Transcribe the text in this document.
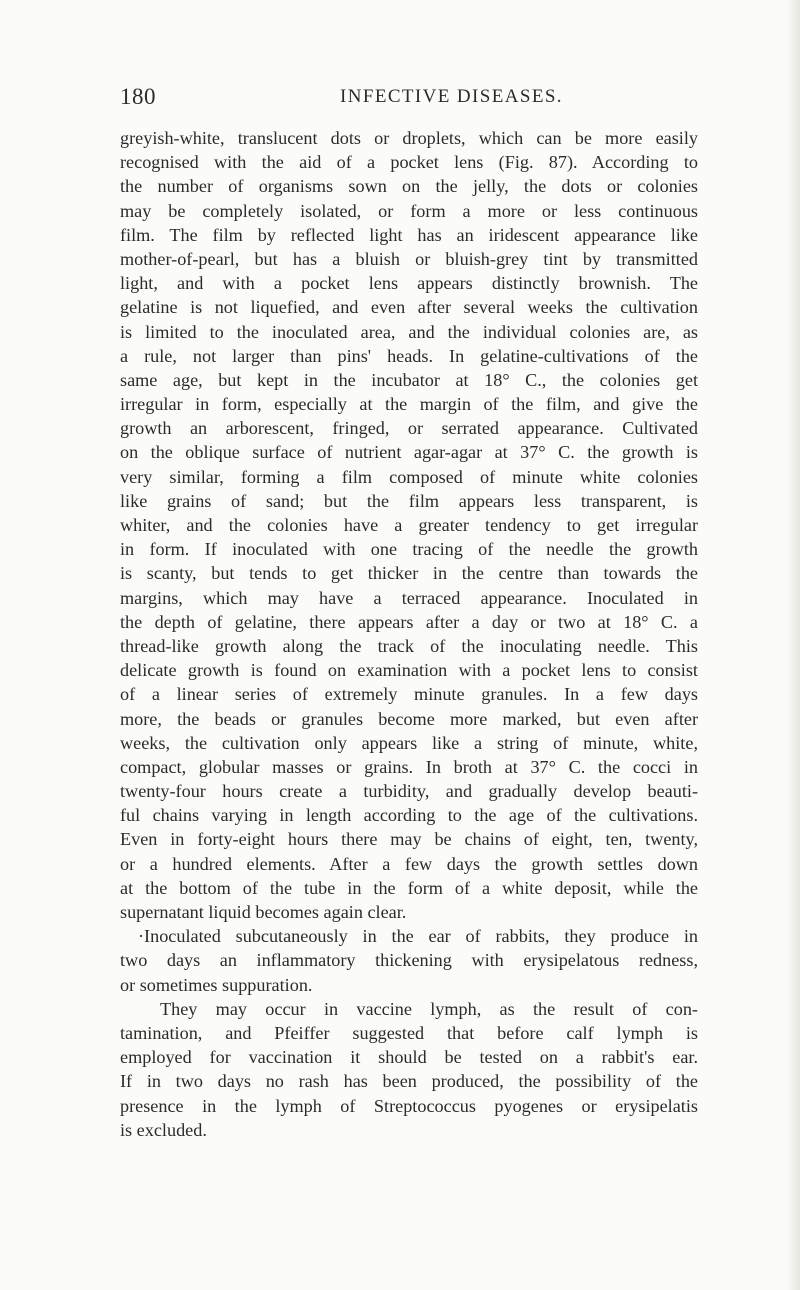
180	INFECTIVE DISEASES.
greyish-white, translucent dots or droplets, which can be more easily
recognised with the aid of a pocket lens (Fig. 87). According to
the number of organisms sown on the jelly, the dots or colonies
may be completely isolated, or form a more or less continuous
film. The film by reflected light has an iridescent appearance like
mother-of-pearl, but has a bluish or bluish-grey tint by transmitted
light, and with a pocket lens appears distinctly brownish. The
gelatine is not liquefied, and even after several weeks the cultivation
is limited to the inoculated area, and the individual colonies are, as
a rule, not larger than pins' heads. In gelatine-cultivations of the
same age, but kept in the incubator at 18° C., the colonies get
irregular in form, especially at the margin of the film, and give the
growth an arborescent, fringed, or serrated appearance. Cultivated
on the oblique surface of nutrient agar-agar at 37° C. the growth is
very similar, forming a film composed of minute white colonies
like grains of sand; but the film appears less transparent, is
whiter, and the colonies have a greater tendency to get irregular
in form. If inoculated with one tracing of the needle the growth
is scanty, but tends to get thicker in the centre than towards the
margins, which may have a terraced appearance. Inoculated in
the depth of gelatine, there appears after a day or two at 18° C. a
thread-like growth along the track of the inoculating needle. This
delicate growth is found on examination with a pocket lens to consist
of a linear series of extremely minute granules. In a few days
more, the beads or granules become more marked, but even after
weeks, the cultivation only appears like a string of minute, white,
compact, globular masses or grains. In broth at 37° C. the cocci in
twenty-four hours create a turbidity, and gradually develop beauti-
ful chains varying in length according to the age of the cultivations.
Even in forty-eight hours there may be chains of eight, ten, twenty,
or a hundred elements. After a few days the growth settles down
at the bottom of the tube in the form of a white deposit, while the
supernatant liquid becomes again clear.
·Inoculated subcutaneously in the ear of rabbits, they produce in
two days an inflammatory thickening with erysipelatous redness,
or sometimes suppuration.
They may occur in vaccine lymph, as the result of con-
tamination, and Pfeiffer suggested that before calf lymph is
employed for vaccination it should be tested on a rabbit's ear.
If in two days no rash has been produced, the possibility of the
presence in the lymph of Streptococcus pyogenes or erysipelatis
is excluded.
